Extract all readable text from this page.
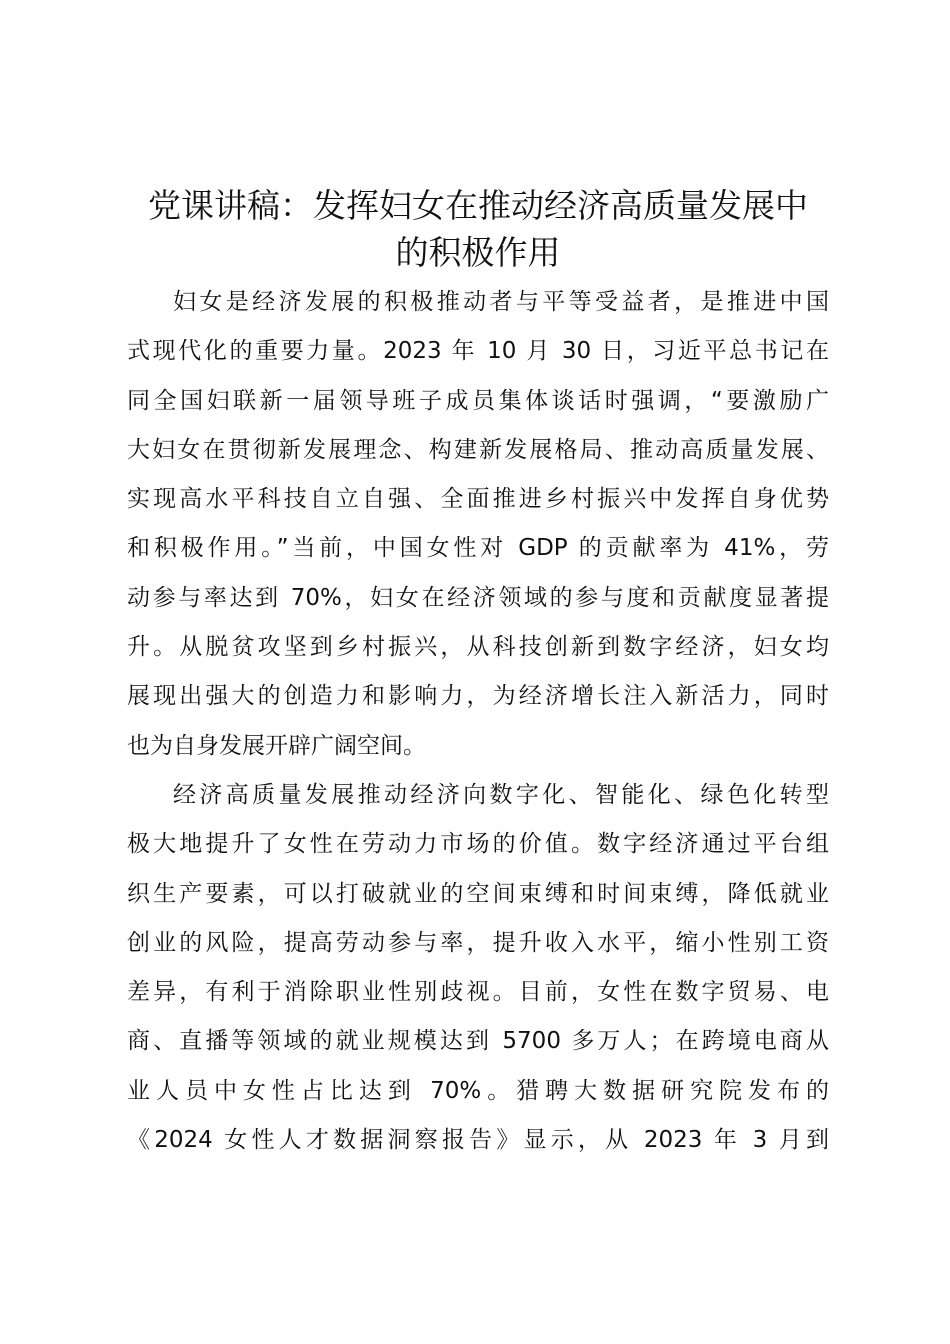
党课讲稿：发挥妇女在推动经济高质量发展中
的积极作用
妇女是经济发展的积极推动者与平等受益者，是推进中国
式现代化的重要力量。2023 年 10 月 30 日，习近平总书记在
同全国妇联新一届领导班子成员集体谈话时强调，“要激励广
大妇女在贯彻新发展理念、构建新发展格局、推动高质量发展、
实现高水平科技自立自强、全面推进乡村振兴中发挥自身优势
和积极作用。”当前，中国女性对 GDP 的贡献率为 41%，劳
动参与率达到 70%，妇女在经济领域的参与度和贡献度显著提
升。从脱贫攻坚到乡村振兴，从科技创新到数字经济，妇女均
展现出强大的创造力和影响力，为经济增长注入新活力，同时
也为自身发展开辟广阔空间。
经济高质量发展推动经济向数字化、智能化、绿色化转型
极大地提升了女性在劳动力市场的价值。数字经济通过平台组
织生产要素，可以打破就业的空间束缚和时间束缚，降低就业
创业的风险，提高劳动参与率，提升收入水平，缩小性别工资
差异，有利于消除职业性别歧视。目前，女性在数字贸易、电
商、直播等领域的就业规模达到 5700 多万人；在跨境电商从
业人员中女性占比达到 70%。猎聘大数据研究院发布的
《2024 女性人才数据洞察报告》显示，从 2023 年 3 月到
